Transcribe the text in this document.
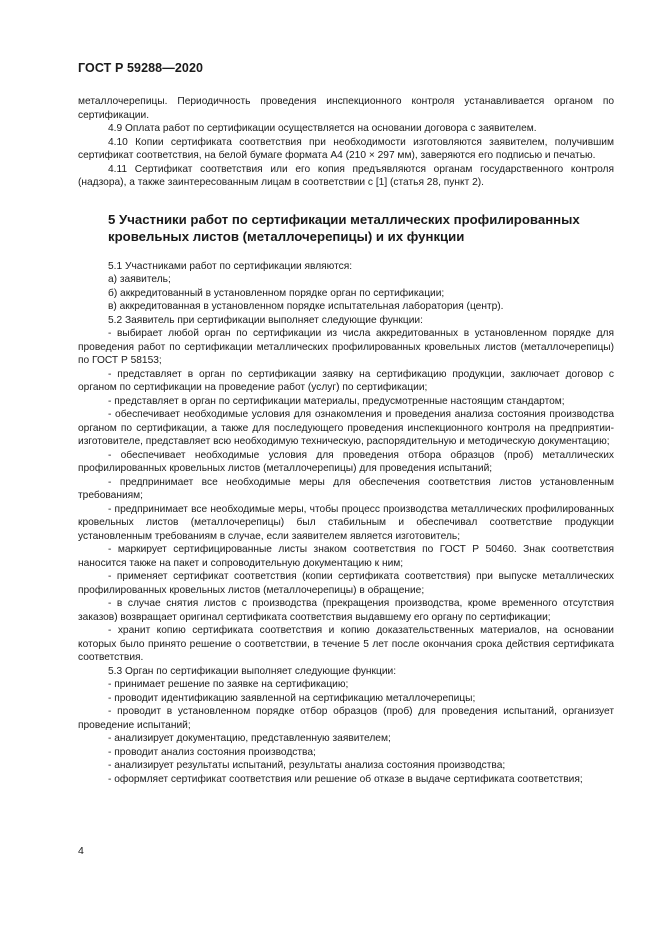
ГОСТ Р 59288—2020

металлочерепицы. Периодичность проведения инспекционного контроля устанавливается органом по сертификации.

4.9 Оплата работ по сертификации осуществляется на основании договора с заявителем.

4.10 Копии сертификата соответствия при необходимости изготовляются заявителем, получившим сертификат соответствия, на белой бумаге формата А4 (210 × 297 мм), заверяются его подписью и печатью.

4.11 Сертификат соответствия или его копия предъявляются органам государственного контроля (надзора), а также заинтересованным лицам в соответствии с [1] (статья 28, пункт 2).

5 Участники работ по сертификации металлических профилированных кровельных листов (металлочерепицы) и их функции

5.1 Участниками работ по сертификации являются:

а) заявитель;

б) аккредитованный в установленном порядке орган по сертификации;

в) аккредитованная в установленном порядке испытательная лаборатория (центр).

5.2 Заявитель при сертификации выполняет следующие функции:

- выбирает любой орган по сертификации из числа аккредитованных в установленном порядке для проведения работ по сертификации металлических профилированных кровельных листов (металлочерепицы) по ГОСТ Р 58153;

- представляет в орган по сертификации заявку на сертификацию продукции, заключает договор с органом по сертификации на проведение работ (услуг) по сертификации;

- представляет в орган по сертификации материалы, предусмотренные настоящим стандартом;

- обеспечивает необходимые условия для ознакомления и проведения анализа состояния производства органом по сертификации, а также для последующего проведения инспекционного контроля на предприятии-изготовителе, представляет всю необходимую техническую, распорядительную и методическую документацию;

- обеспечивает необходимые условия для проведения отбора образцов (проб) металлических профилированных кровельных листов (металлочерепицы) для проведения испытаний;

- предпринимает все необходимые меры для обеспечения соответствия листов установленным требованиям;

- предпринимает все необходимые меры, чтобы процесс производства металлических профилированных кровельных листов (металлочерепицы) был стабильным и обеспечивал соответствие продукции установленным требованиям в случае, если заявителем является изготовитель;

- маркирует сертифицированные листы знаком соответствия по ГОСТ Р 50460. Знак соответствия наносится также на пакет и сопроводительную документацию к ним;

- применяет сертификат соответствия (копии сертификата соответствия) при выпуске металлических профилированных кровельных листов (металлочерепицы) в обращение;

- в случае снятия листов с производства (прекращения производства, кроме временного отсутствия заказов) возвращает оригинал сертификата соответствия выдавшему его органу по сертификации;

- хранит копию сертификата соответствия и копию доказательственных материалов, на основании которых было принято решение о соответствии, в течение 5 лет после окончания срока действия сертификата соответствия.

5.3 Орган по сертификации выполняет следующие функции:

- принимает решение по заявке на сертификацию;

- проводит идентификацию заявленной на сертификацию металлочерепицы;

- проводит в установленном порядке отбор образцов (проб) для проведения испытаний, организует проведение испытаний;

- анализирует документацию, представленную заявителем;

- проводит анализ состояния производства;

- анализирует результаты испытаний, результаты анализа состояния производства;

- оформляет сертификат соответствия или решение об отказе в выдаче сертификата соответствия;

4
